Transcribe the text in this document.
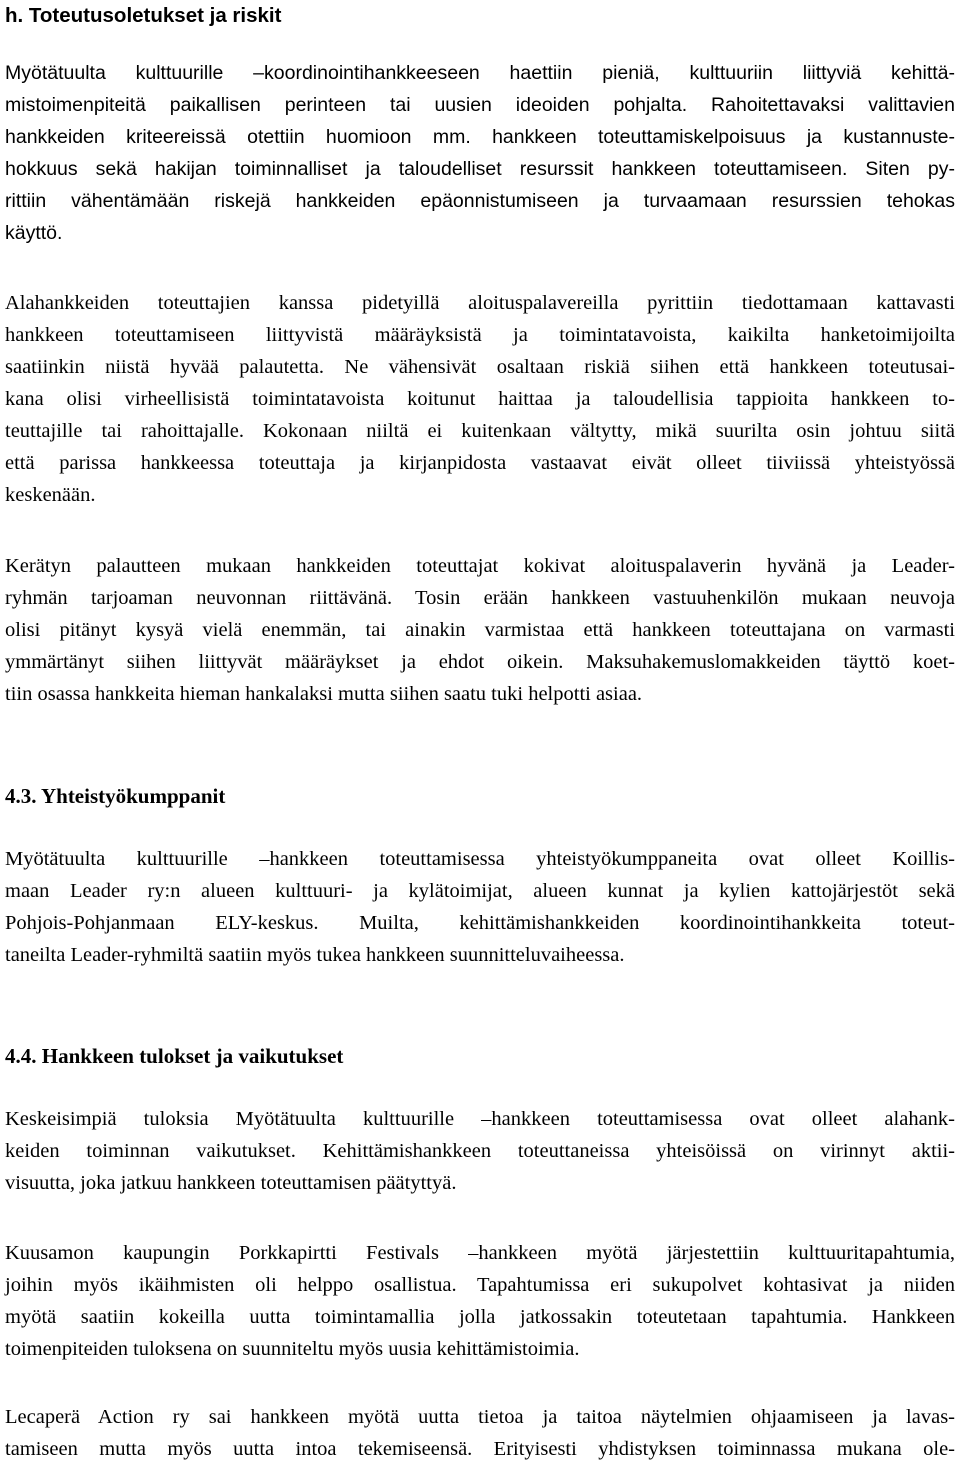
h. Toteutusoletukset ja riskit
Myötätuulta kulttuurille –koordinointihankkeeseen haettiin pieniä, kulttuuriin liittyviä kehittä-
mistoimenpiteitä paikallisen perinteen tai uusien ideoiden pohjalta. Rahoitettavaksi valittavien
hankkeiden kriteereissä otettiin huomioon mm. hankkeen toteuttamiskelpoisuus ja kustannuste-
hokkuus sekä hakijan toiminnalliset ja taloudelliset resurssit hankkeen toteuttamiseen. Siten py-
rittiin vähentämään riskejä hankkeiden epäonnistumiseen ja turvaamaan resurssien tehokas
käyttö.
Alahankkeiden toteuttajien kanssa pidetyillä aloituspalavereilla pyrittiin tiedottamaan kattavasti
hankkeen toteuttamiseen liittyvistä määräyksistä ja toimintatavoista, kaikilta hanketoimijoilta
saatiinkin niistä hyvää palautetta. Ne vähensivät osaltaan riskiä siihen että hankkeen toteutusai-
kana olisi virheellisistä toimintatavoista koitunut haittaa ja taloudellisia tappioita hankkeen to-
teuttajille tai rahoittajalle. Kokonaan niiltä ei kuitenkaan vältytty, mikä suurilta osin johtuu siitä
että parissa hankkeessa toteuttaja ja kirjanpidosta vastaavat eivät olleet tiiviissä yhteistyössä
keskenään.
Kerätyn palautteen mukaan hankkeiden toteuttajat kokivat aloituspalaverin hyvänä ja Leader-
ryhmän tarjoaman neuvonnan riittävänä. Tosin erään hankkeen vastuuhenkilön mukaan neuvoja
olisi pitänyt kysyä vielä enemmän, tai ainakin varmistaa että hankkeen toteuttajana on varmasti
ymmärtänyt siihen liittyvät määräykset ja ehdot oikein. Maksuhakemuslomakkeiden täyttö koet-
tiin osassa hankkeita hieman hankalaksi mutta siihen saatu tuki helpotti asiaa.
4.3. Yhteistyökumppanit
Myötätuulta kulttuurille –hankkeen toteuttamisessa yhteistyökumppaneita ovat olleet Koillis-
maan Leader ry:n alueen kulttuuri- ja kylätoimijat, alueen kunnat ja kylien kattojärjestöt sekä
Pohjois-Pohjanmaan ELY-keskus. Muilta, kehittämishankkeiden koordinointihankkeita toteut-
taneilta Leader-ryhmiltä saatiin myös tukea hankkeen suunnitteluvaiheessa.
4.4. Hankkeen tulokset ja vaikutukset
Keskeisimpiä tuloksia Myötätuulta kulttuurille –hankkeen toteuttamisessa ovat olleet alahank-
keiden toiminnan vaikutukset. Kehittämishankkeen toteuttaneissa yhteisöissä on virinnyt aktii-
visuutta, joka jatkuu hankkeen toteuttamisen päätyttyä.
Kuusamon kaupungin Porkkapirtti Festivals –hankkeen myötä järjestettiin kulttuuritapahtumia,
joihin myös ikäihmisten oli helppo osallistua. Tapahtumissa eri sukupolvet kohtasivat ja niiden
myötä saatiin kokeilla uutta toimintamallia jolla jatkossakin toteutetaan tapahtumia. Hankkeen
toimenpiteiden tuloksena on suunniteltu myös uusia kehittämistoimia.
Lecaperä Action ry sai hankkeen myötä uutta tietoa ja taitoa näytelmien ohjaamiseen ja lavas-
tamiseen mutta myös uutta intoa tekemiseensä. Erityisesti yhdistyksen toiminnassa mukana ole-
